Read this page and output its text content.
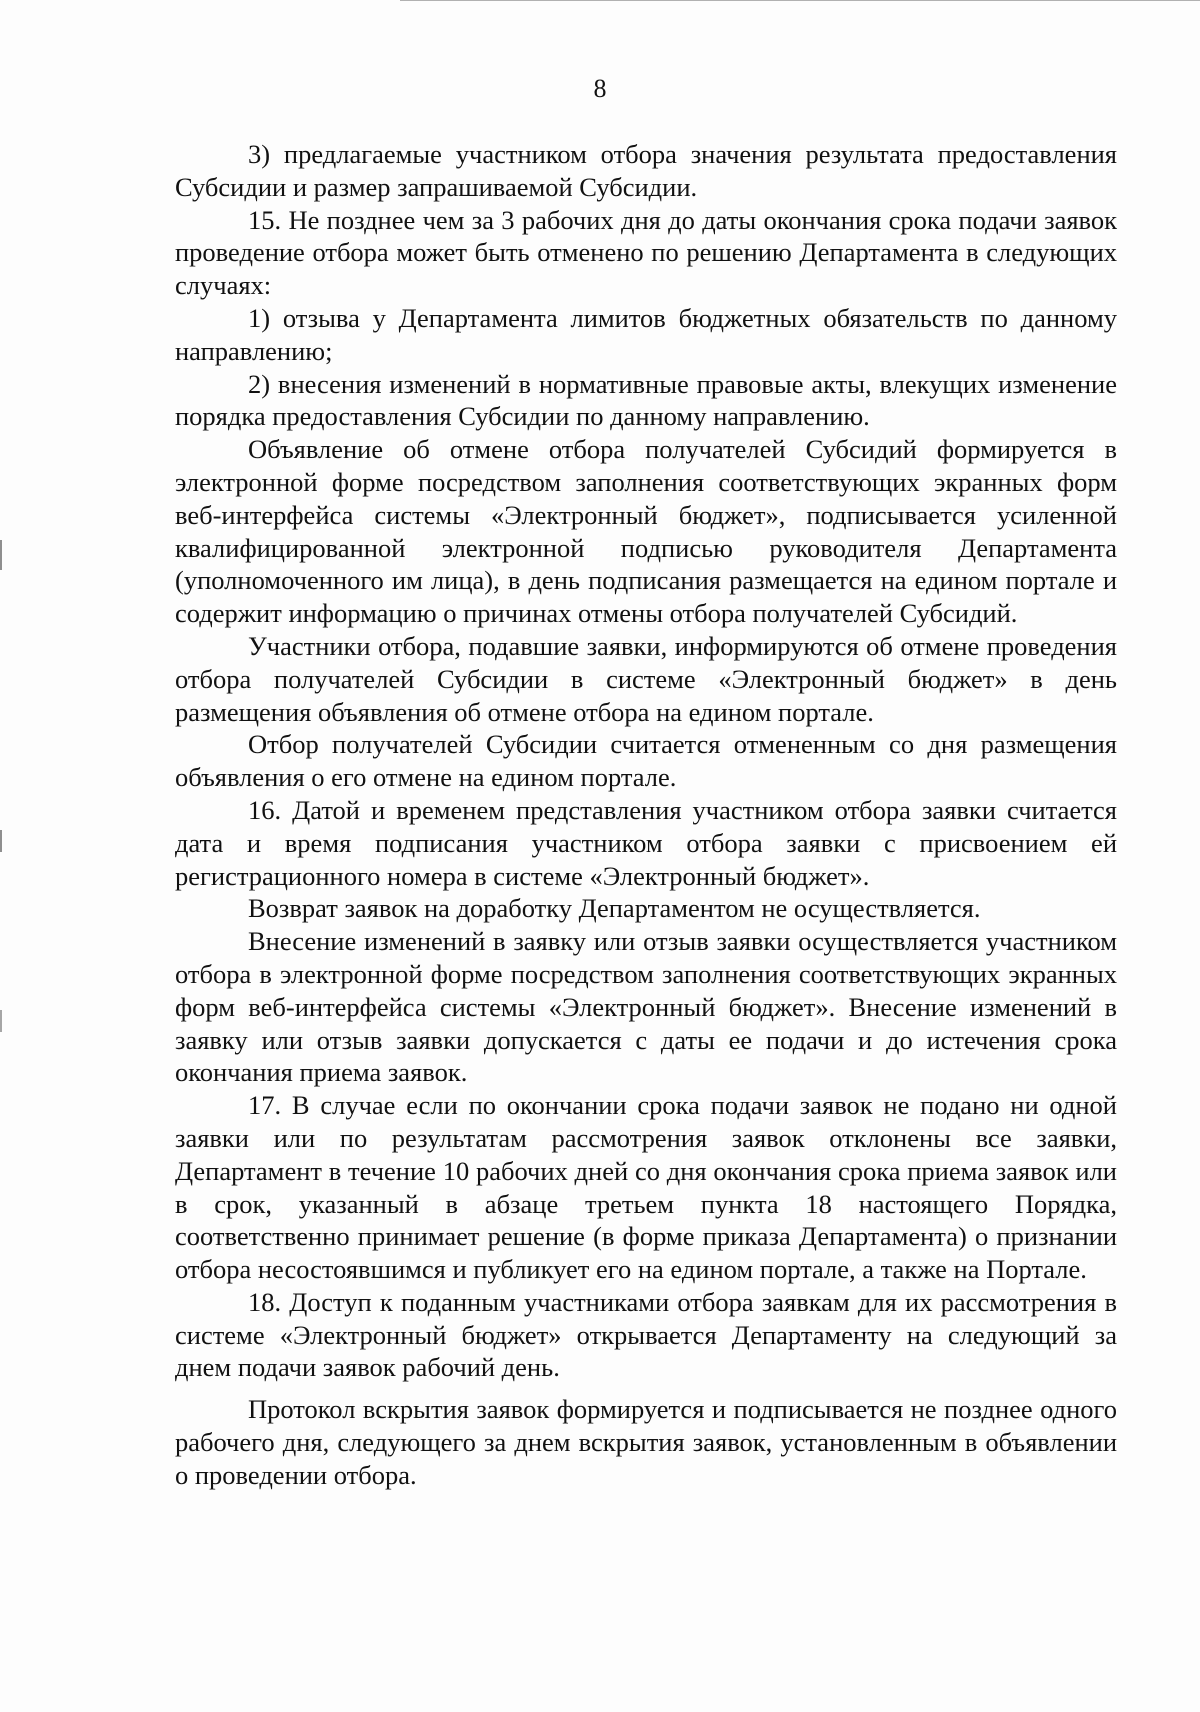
8

3) предлагаемые участником отбора значения результата предоставления Субсидии и размер запрашиваемой Субсидии.

15. Не позднее чем за 3 рабочих дня до даты окончания срока подачи заявок проведение отбора может быть отменено по решению Департамента в следующих случаях:

1) отзыва у Департамента лимитов бюджетных обязательств по данному направлению;

2) внесения изменений в нормативные правовые акты, влекущих изменение порядка предоставления Субсидии по данному направлению.

Объявление об отмене отбора получателей Субсидий формируется в электронной форме посредством заполнения соответствующих экранных форм веб-интерфейса системы «Электронный бюджет», подписывается усиленной квалифицированной электронной подписью руководителя Департамента (уполномоченного им лица), в день подписания размещается на едином портале и содержит информацию о причинах отмены отбора получателей Субсидий.

Участники отбора, подавшие заявки, информируются об отмене проведения отбора получателей Субсидии в системе «Электронный бюджет» в день размещения объявления об отмене отбора на едином портале.

Отбор получателей Субсидии считается отмененным со дня размещения объявления о его отмене на едином портале.

16. Датой и временем представления участником отбора заявки считается дата и время подписания участником отбора заявки с присвоением ей регистрационного номера в системе «Электронный бюджет».

Возврат заявок на доработку Департаментом не осуществляется.

Внесение изменений в заявку или отзыв заявки осуществляется участником отбора в электронной форме посредством заполнения соответствующих экранных форм веб-интерфейса системы «Электронный бюджет». Внесение изменений в заявку или отзыв заявки допускается с даты ее подачи и до истечения срока окончания приема заявок.

17. В случае если по окончании срока подачи заявок не подано ни одной заявки или по результатам рассмотрения заявок отклонены все заявки, Департамент в течение 10 рабочих дней со дня окончания срока приема заявок или в срок, указанный в абзаце третьем пункта 18 настоящего Порядка, соответственно принимает решение (в форме приказа Департамента) о признании отбора несостоявшимся и публикует его на едином портале, а также на Портале.

18. Доступ к поданным участниками отбора заявкам для их рассмотрения в системе «Электронный бюджет» открывается Департаменту на следующий за днем подачи заявок рабочий день.

Протокол вскрытия заявок формируется и подписывается не позднее одного рабочего дня, следующего за днем вскрытия заявок, установленным в объявлении о проведении отбора.
